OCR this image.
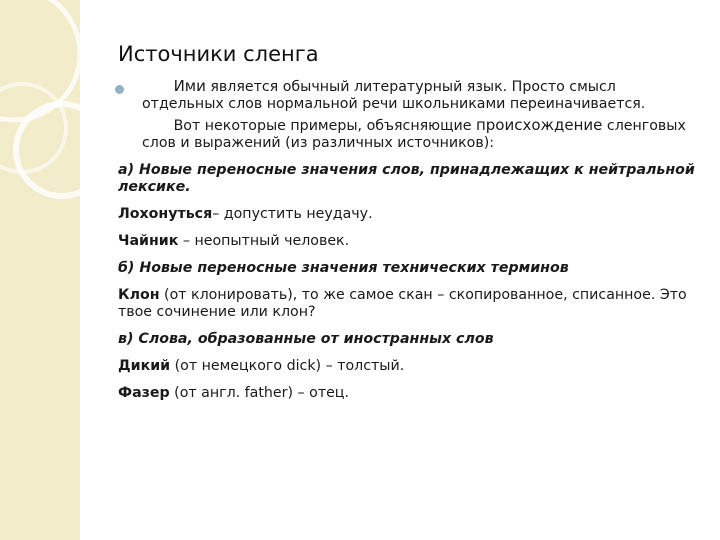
Источники сленга

Ими является обычный литературный язык. Просто смысл отдельных слов нормальной речи школьниками переиначивается.

Вот некоторые примеры, объясняющие происхождение сленговых слов и выражений (из различных источников):

а) Новые переносные значения слов, принадлежащих к нейтральной лексике.
Лохонуться– допустить неудачу.
Чайник – неопытный человек.
б) Новые переносные значения технических терминов
Клон (от клонировать), то же самое скан – скопированное, списанное. Это твое сочинение или клон?
в) Слова, образованные от иностранных слов
Дикий (от немецкого dick) – толстый.
Фазер (от англ. father) – отец.
